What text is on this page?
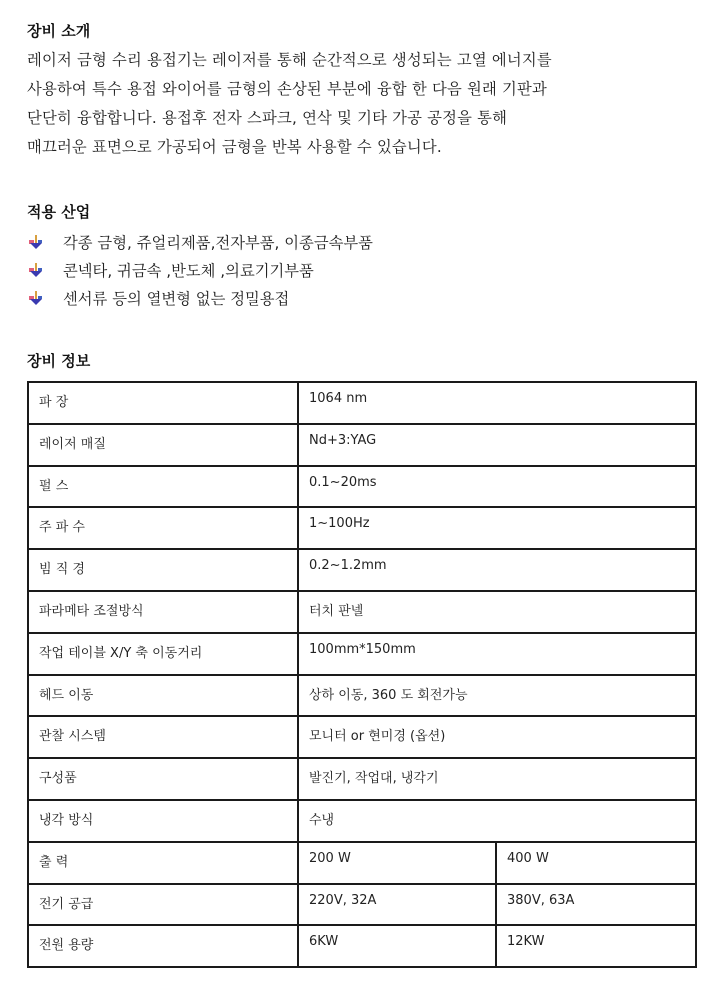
장비 소개

레이저 금형 수리 용접기는 레이저를 통해 순간적으로 생성되는 고열 에너지를
사용하여 특수 용접 와이어를 금형의 손상된 부분에 융합 한 다음 원래 기판과
단단히 융합합니다. 용접후 전자 스파크, 연삭 및 기타 가공 공정을 통해
매끄러운 표면으로 가공되어 금형을 반복 사용할 수 있습니다.

적용 산업
각종 금형, 쥬얼리제품,전자부품, 이종금속부품
콘넥타, 귀금속 ,반도체 ,의료기기부품
센서류 등의 열변형 없는 정밀용접
장비 정보
파 장	1064 nm	
레이저 매질	Nd+3:YAG	
펄 스	0.1~20ms	
주 파 수	1~100Hz	
빔 직 경	0.2~1.2mm	
파라메타 조절방식	터치 판넬	
작업 테이블 X/Y 축 이동거리	100mm*150mm	
헤드 이동	상하 이동, 360 도 회전가능	
관찰 시스템	모니터 or 현미경 (옵션)	
구성품	발진기, 작업대, 냉각기	
냉각 방식	수냉	
출 력	200 W	400 W
전기 공급	220V, 32A	380V, 63A
전원 용량	6KW	12KW
